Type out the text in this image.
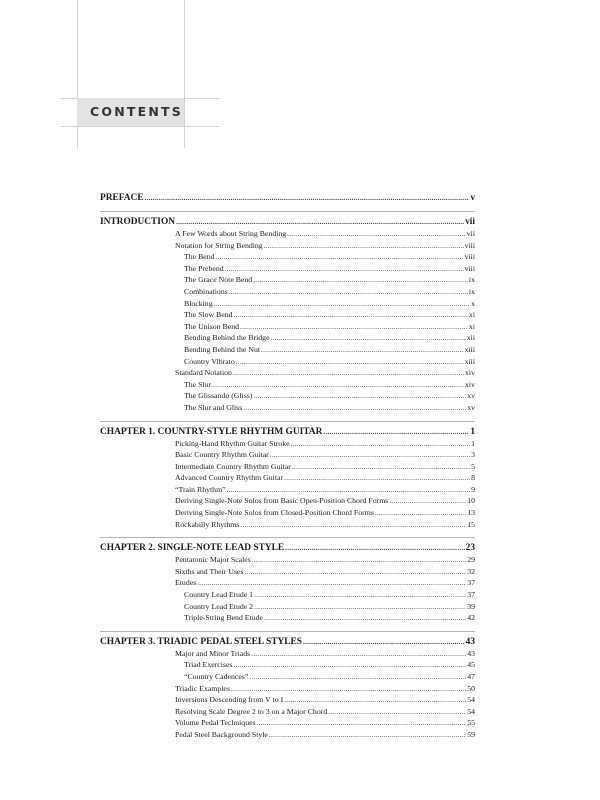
CONTENTS
PREFACE .....	v
INTRODUCTION .....	vii
A Few Words about String Bending .....	vii
Notation for String Bending .....	viii
The Bend .....	viii
The Prebend .....	viii
The Grace Note Bend .....	ix
Combinations .....	ix
Blocking .....	x
The Slow Bend .....	xi
The Unison Bend .....	xi
Bending Behind the Bridge .....	xii
Bending Behind the Nut .....	xiii
Country Vibrato .....	xiii
Standard Notation .....	xiv
The Slur .....	xiv
The Glissando (Gliss) .....	xv
The Slur and Gliss .....	xv
CHAPTER 1. COUNTRY-STYLE RHYTHM GUITAR .....	1
Picking-Hand Rhythm Guitar Stroke .....	1
Basic Country Rhythm Guitar .....	3
Intermediate Country Rhythm Guitar .....	5
Advanced Country Rhythm Guitar .....	8
“Train Rhythm” .....	9
Deriving Single-Note Solos from Basic Open-Position Chord Forms .....	10
Deriving Single-Note Solos from Closed-Position Chord Forms .....	13
Rockabilly Rhythms .....	15
CHAPTER 2. SINGLE-NOTE LEAD STYLE .....	23
Pentatonic Major Scales .....	29
Sixths and Their Uses .....	32
Etudes .....	37
Country Lead Etude 1 .....	37
Country Lead Etude 2 .....	39
Triple-String Bend Etude .....	42
CHAPTER 3. TRIADIC PEDAL STEEL STYLES .....	43
Major and Minor Triads .....	43
Triad Exercises .....	45
“Country Cadences” .....	47
Triadic Examples .....	50
Inversions Descending from V to I .....	54
Resolving Scale Degree 2 to 3 on a Major Chord .....	54
Volume Pedal Techniques .....	55
Pedal Steel Background Style .....	59
